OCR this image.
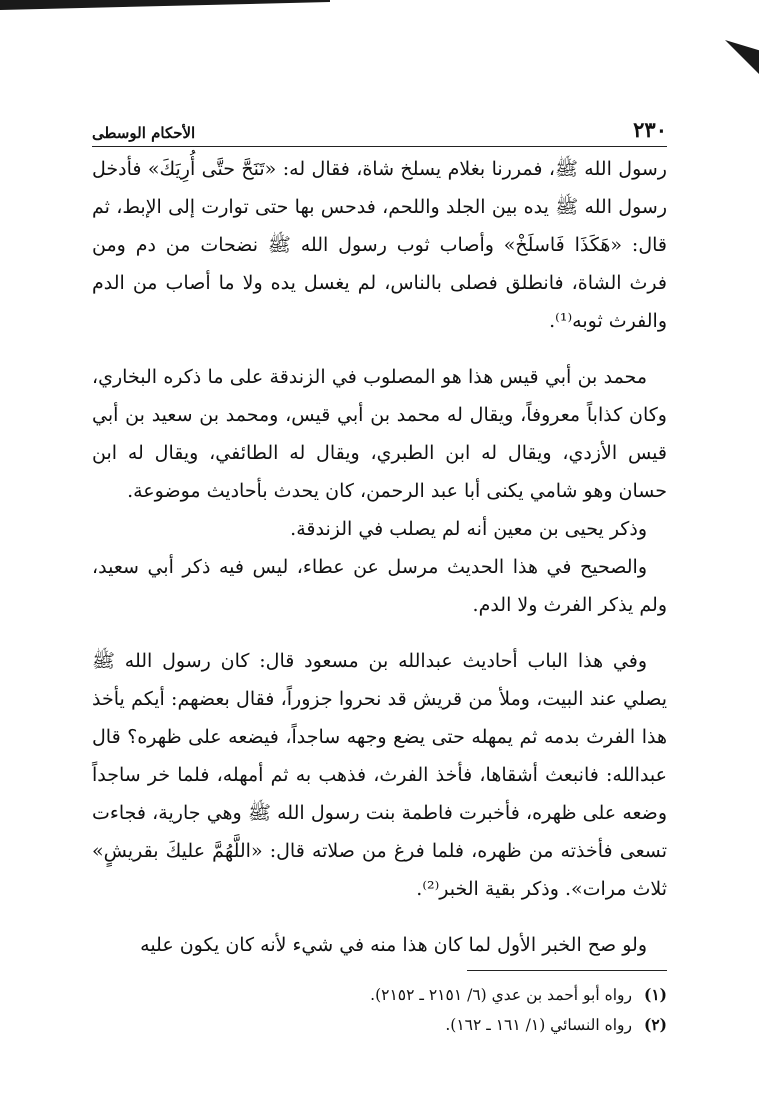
٢٣٠
الأحكام الوسطى

رسول الله ﷺ، فمررنا بغلام يسلخ شاة، فقال له: «تَنَحَّ حتَّى أُرِيَكَ» فأدخل رسول الله ﷺ يده بين الجلد واللحم، فدحس بها حتى توارت إلى الإبط، ثم قال: «هَكَذَا فَاسلَخْ» وأصاب ثوب رسول الله ﷺ نضحات من دم ومن فرث الشاة، فانطلق فصلى بالناس، لم يغسل يده ولا ما أصاب من الدم والفرث ثوبه⁽¹⁾.

محمد بن أبي قيس هذا هو المصلوب في الزندقة على ما ذكره البخاري، وكان كذاباً معروفاً، ويقال له محمد بن أبي قيس، ومحمد بن سعيد بن أبي قيس الأزدي، ويقال له ابن الطبري، ويقال له الطائفي، ويقال له ابن حسان وهو شامي يكنى أبا عبد الرحمن، كان يحدث بأحاديث موضوعة.

وذكر يحيى بن معين أنه لم يصلب في الزندقة.

والصحيح في هذا الحديث مرسل عن عطاء، ليس فيه ذكر أبي سعيد، ولم يذكر الفرث ولا الدم.

وفي هذا الباب أحاديث عبدالله بن مسعود قال: كان رسول الله ﷺ يصلي عند البيت، وملأ من قريش قد نحروا جزوراً، فقال بعضهم: أيكم يأخذ هذا الفرث بدمه ثم يمهله حتى يضع وجهه ساجداً، فيضعه على ظهره؟ قال عبدالله: فانبعث أشقاها، فأخذ الفرث، فذهب به ثم أمهله، فلما خر ساجداً وضعه على ظهره، فأخبرت فاطمة بنت رسول الله ﷺ وهي جارية، فجاءت تسعى فأخذته من ظهره، فلما فرغ من صلاته قال: «اللَّهُمَّ عليكَ بقريشٍ» ثلاث مرات». وذكر بقية الخبر⁽²⁾.

ولو صح الخبر الأول لما كان هذا منه في شيء لأنه كان يكون عليه

(١)
رواه أبو أحمد بن عدي (٦/ ٢١٥١ ـ ٢١٥٢).
(٢)
رواه النسائي (١/ ١٦١ ـ ١٦٢).
